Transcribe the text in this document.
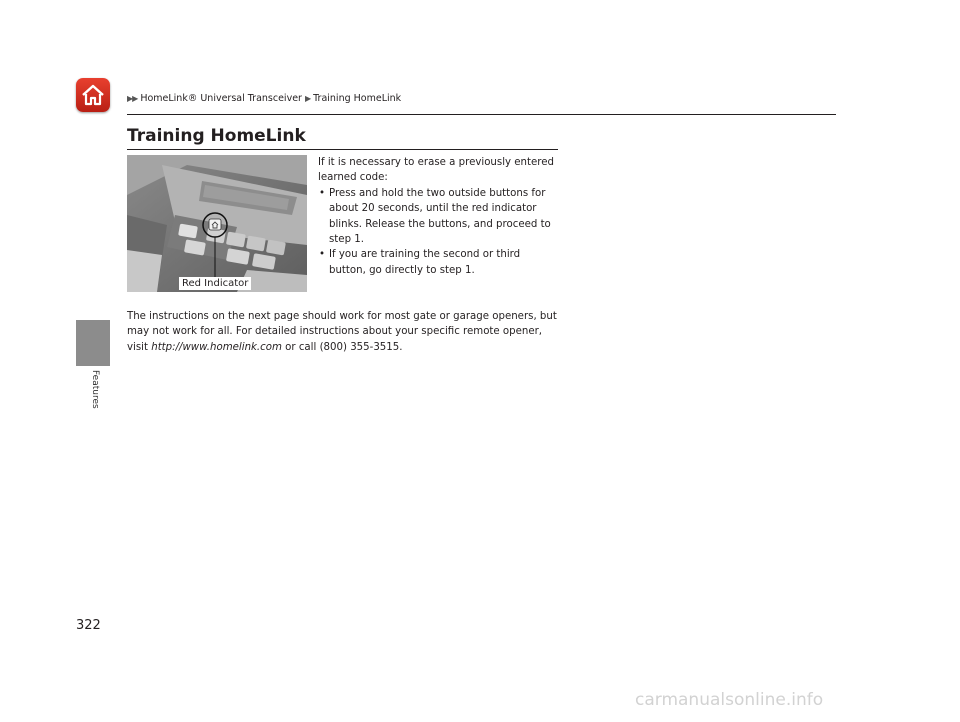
▶▶ HomeLink® Universal Transceiver ▶ Training HomeLink
Training HomeLink
Features
Red Indicator

If it is necessary to erase a previously entered learned code:

• Press and hold the two outside buttons for about 20 seconds, until the red indicator blinks. Release the buttons, and proceed to step 1.
• If you are training the second or third button, go directly to step 1.
The instructions on the next page should work for most gate or garage openers, but may not work for all. For detailed instructions about your specific remote opener, visit http://www.homelink.com or call (800) 355-3515.
322
carmanualsonline.info
